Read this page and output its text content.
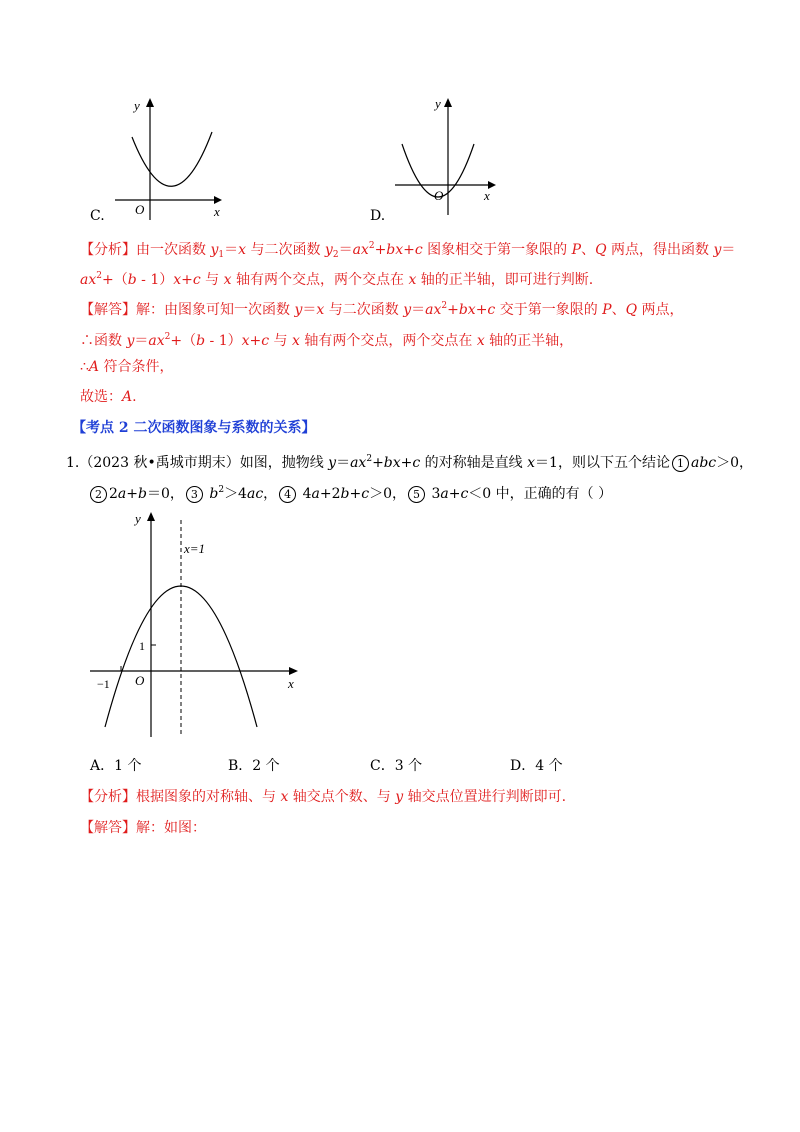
y
x
O
C.
y
x
O
D.
【分析】由一次函数 $y_1=x$ 与二次函数 $y_2=ax^2+bx+c$ 图象相交于第一象限的 P、Q 两点，得出函数 y＝
$ax^2+(b - 1)x+c$ 与 x 轴有两个交点，两个交点在 x 轴的正半轴，即可进行判断.
【解答】解：由图象可知一次函数 y＝x 与二次函数 $y=ax^2+bx+c$ 交于第一象限的 P、Q 两点，
∴函数 $y=ax^2+(b - 1)x+c$ 与 x 轴有两个交点，两个交点在 x 轴的正半轴，
∴A 符合条件，
故选：A.
【考点 2 二次函数图象与系数的关系】
1.（2023 秋•禹城市期末）如图，抛物线 $y=ax^2+bx+c$ 的对称轴是直线 x＝1，则以下五个结论 1 abc＞0，
2 2a+b＝0， 3 $b^2>4ac$， 4 4a+2b+c＞0， 5 3a+c＜0 中，正确的有（ ）
y
x=1
1
−1 O	x
A．1 个	B．2 个	C．3 个	D．4 个
【分析】根据图象的对称轴、与 x 轴交点个数、与 y 轴交点位置进行判断即可.
【解答】解：如图：
